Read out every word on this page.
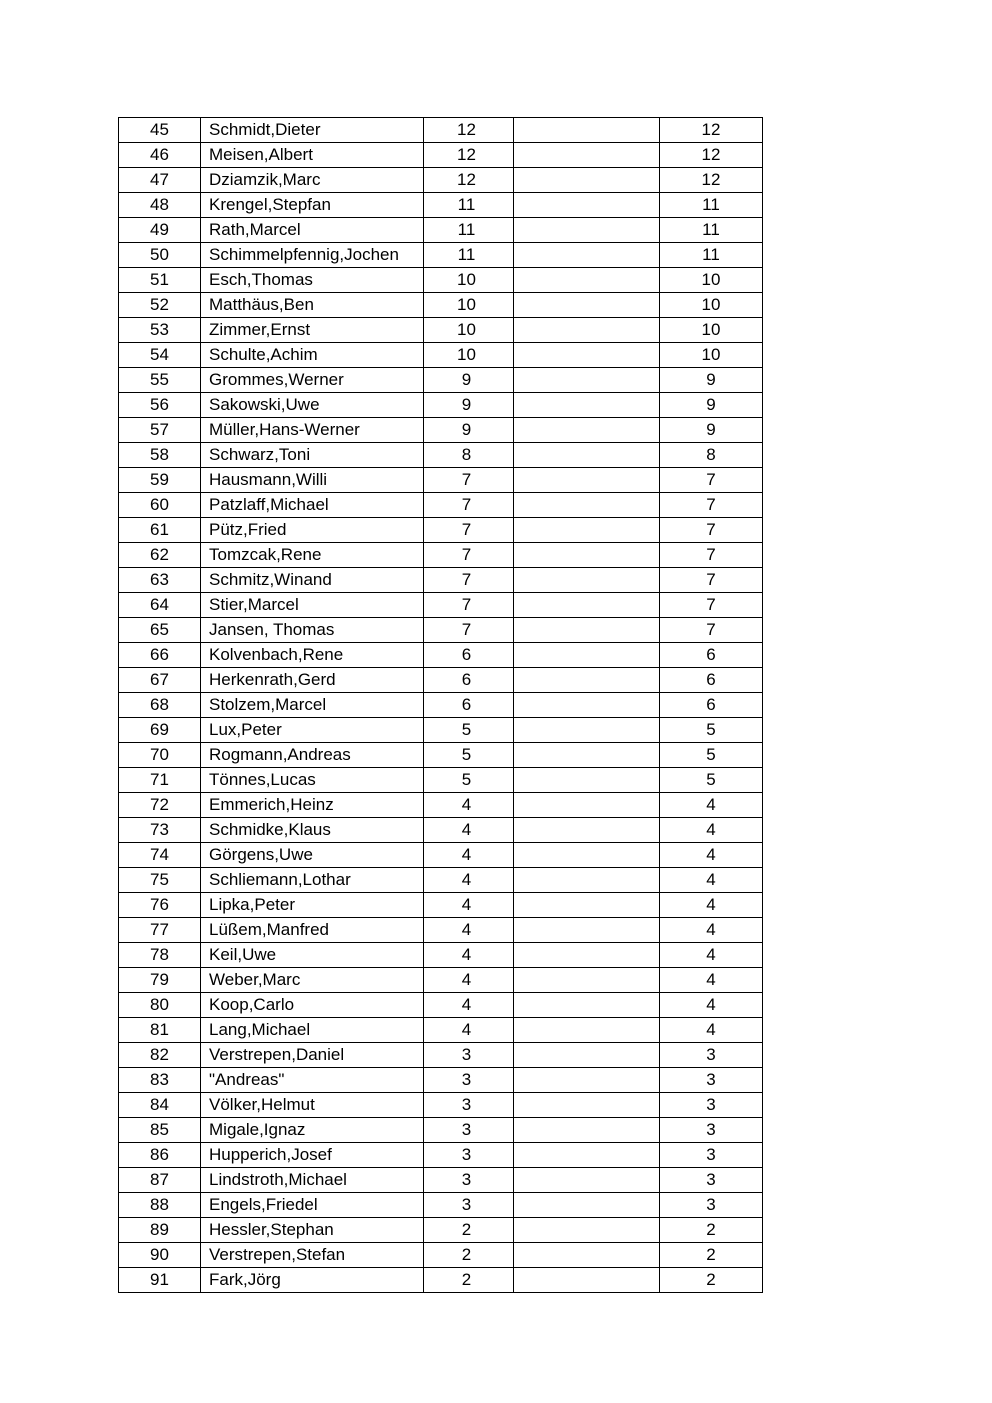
45	Schmidt,Dieter	12		12
46	Meisen,Albert	12		12
47	Dziamzik,Marc	12		12
48	Krengel,Stepfan	11		11
49	Rath,Marcel	11		11
50	Schimmelpfennig,Jochen	11		11
51	Esch,Thomas	10		10
52	Matthäus,Ben	10		10
53	Zimmer,Ernst	10		10
54	Schulte,Achim	10		10
55	Grommes,Werner	9		9
56	Sakowski,Uwe	9		9
57	Müller,Hans-Werner	9		9
58	Schwarz,Toni	8		8
59	Hausmann,Willi	7		7
60	Patzlaff,Michael	7		7
61	Pütz,Fried	7		7
62	Tomzcak,Rene	7		7
63	Schmitz,Winand	7		7
64	Stier,Marcel	7		7
65	Jansen, Thomas	7		7
66	Kolvenbach,Rene	6		6
67	Herkenrath,Gerd	6		6
68	Stolzem,Marcel	6		6
69	Lux,Peter	5		5
70	Rogmann,Andreas	5		5
71	Tönnes,Lucas	5		5
72	Emmerich,Heinz	4		4
73	Schmidke,Klaus	4		4
74	Görgens,Uwe	4		4
75	Schliemann,Lothar	4		4
76	Lipka,Peter	4		4
77	Lüßem,Manfred	4		4
78	Keil,Uwe	4		4
79	Weber,Marc	4		4
80	Koop,Carlo	4		4
81	Lang,Michael	4		4
82	Verstrepen,Daniel	3		3
83	"Andreas"	3		3
84	Völker,Helmut	3		3
85	Migale,Ignaz	3		3
86	Hupperich,Josef	3		3
87	Lindstroth,Michael	3		3
88	Engels,Friedel	3		3
89	Hessler,Stephan	2		2
90	Verstrepen,Stefan	2		2
91	Fark,Jörg	2		2
